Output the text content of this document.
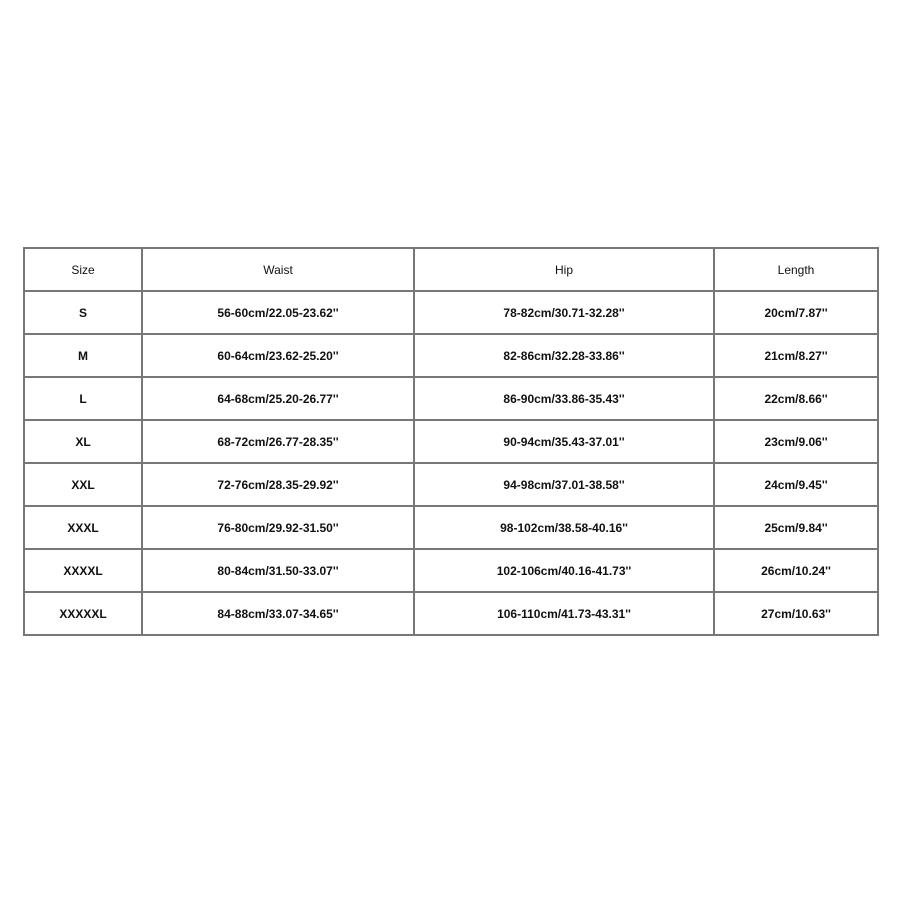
Size	Waist	Hip	Length
S	56-60cm/22.05-23.62''	78-82cm/30.71-32.28''	20cm/7.87''
M	60-64cm/23.62-25.20''	82-86cm/32.28-33.86''	21cm/8.27''
L	64-68cm/25.20-26.77''	86-90cm/33.86-35.43''	22cm/8.66''
XL	68-72cm/26.77-28.35''	90-94cm/35.43-37.01''	23cm/9.06''
XXL	72-76cm/28.35-29.92''	94-98cm/37.01-38.58''	24cm/9.45''
XXXL	76-80cm/29.92-31.50''	98-102cm/38.58-40.16''	25cm/9.84''
XXXXL	80-84cm/31.50-33.07''	102-106cm/40.16-41.73''	26cm/10.24''
XXXXXL	84-88cm/33.07-34.65''	106-110cm/41.73-43.31''	27cm/10.63''
